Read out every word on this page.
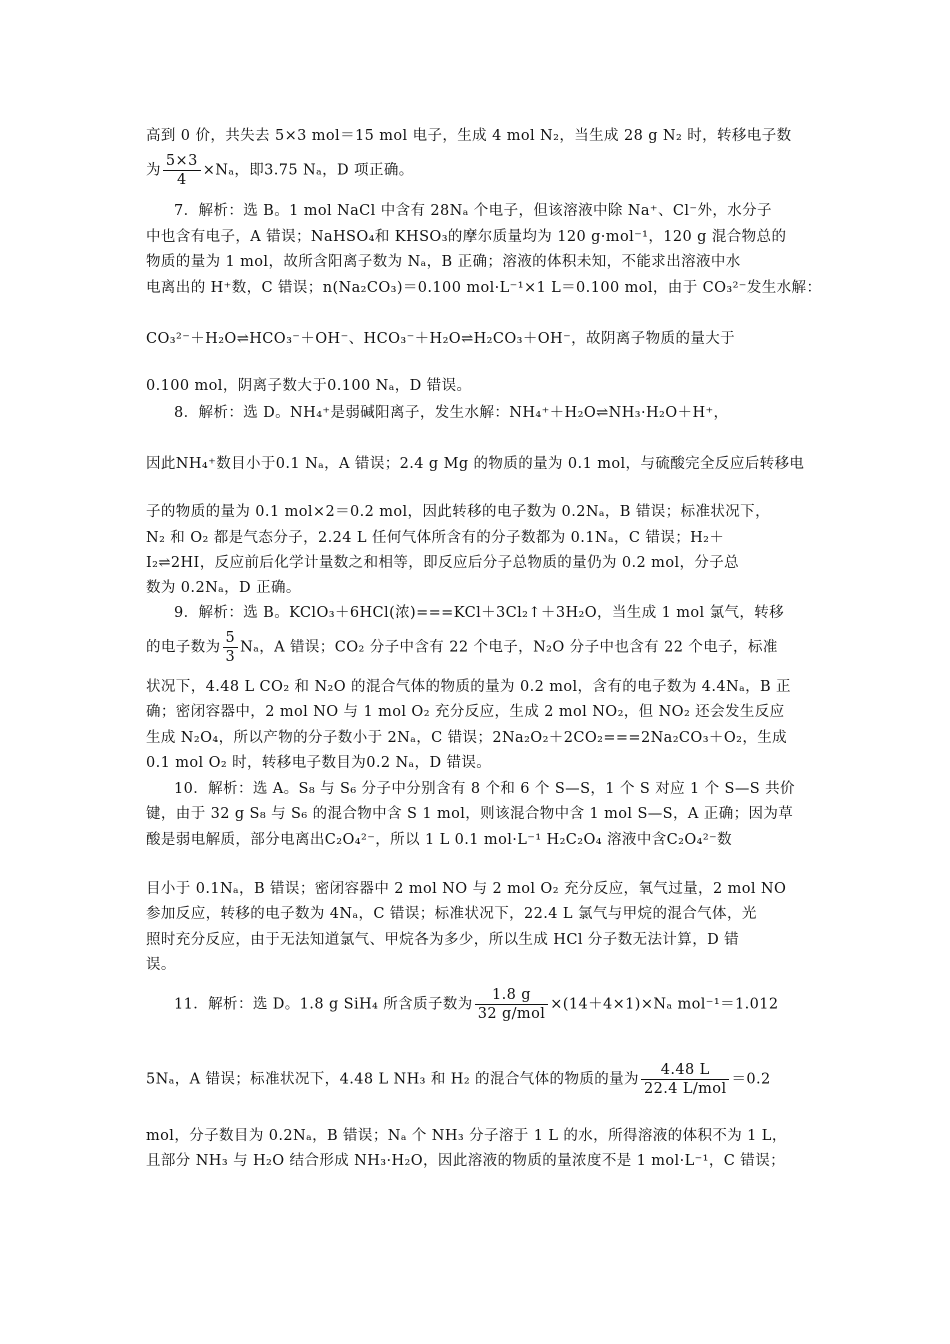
高到 0 价，共失去 5×3 mol＝15 mol 电子，生成 4 mol N₂，当生成 28 g N₂ 时，转移电子数
为 $\frac{5\times 3}{4} \times N_a$，即3.75 Nₐ，D 项正确。
7．解析：选 B。1 mol NaCl 中含有 28Nₐ 个电子，但该溶液中除 Na⁺、Cl⁻外，水分子
中也含有电子，A 错误；NaHSO₄和 KHSO₃的摩尔质量均为 120 g·mol⁻¹，120 g 混合物总的
物质的量为 1 mol，故所含阳离子数为 Nₐ，B 正确；溶液的体积未知，不能求出溶液中水
电离出的 H⁺数，C 错误；n(Na₂CO₃)＝0.100 mol·L⁻¹×1 L＝0.100 mol，由于 CO₃²⁻发生水解：
CO₃²⁻＋H₂O⇌HCO₃⁻＋OH⁻、HCO₃⁻＋H₂O⇌H₂CO₃＋OH⁻，故阴离子物质的量大于
0.100 mol，阴离子数大于0.100 Nₐ，D 错误。
8．解析：选 D。NH₄⁺是弱碱阳离子，发生水解：NH₄⁺＋H₂O⇌NH₃·H₂O＋H⁺，
因此NH₄⁺数目小于0.1 Nₐ，A 错误；2.4 g Mg 的物质的量为 0.1 mol，与硫酸完全反应后转移电
子的物质的量为 0.1 mol×2＝0.2 mol，因此转移的电子数为 0.2Nₐ，B 错误；标准状况下，
N₂ 和 O₂ 都是气态分子，2.24 L 任何气体所含有的分子数都为 0.1Nₐ，C 错误；H₂＋
I₂⇌2HI，反应前后化学计量数之和相等，即反应后分子总物质的量仍为 0.2 mol，分子总
数为 0.2Nₐ，D 正确。
9．解析：选 B。KClO₃＋6HCl(浓)===KCl＋3Cl₂↑＋3H₂O，当生成 1 mol 氯气，转移
的电子数为 $\frac{5}{3}$ Nₐ，A 错误；CO₂ 分子中含有 22 个电子，N₂O 分子中也含有 22 个电子，标准
状况下，4.48 L CO₂ 和 N₂O 的混合气体的物质的量为 0.2 mol，含有的电子数为 4.4Nₐ，B 正
确；密闭容器中，2 mol NO 与 1 mol O₂ 充分反应，生成 2 mol NO₂，但 NO₂ 还会发生反应
生成 N₂O₄，所以产物的分子数小于 2Nₐ，C 错误；2Na₂O₂＋2CO₂===2Na₂CO₃＋O₂，生成
0.1 mol O₂ 时，转移电子数目为0.2 Nₐ，D 错误。
10．解析：选 A。S₈ 与 S₆ 分子中分别含有 8 个和 6 个 S—S，1 个 S 对应 1 个 S—S 共价
键，由于 32 g S₈ 与 S₆ 的混合物中含 S 1 mol，则该混合物中含 1 mol S—S，A 正确；因为草
酸是弱电解质，部分电离出C₂O₄²⁻，所以 1 L 0.1 mol·L⁻¹ H₂C₂O₄ 溶液中含C₂O₄²⁻数
目小于 0.1Nₐ，B 错误；密闭容器中 2 mol NO 与 2 mol O₂ 充分反应，氧气过量，2 mol NO
参加反应，转移的电子数为 4Nₐ，C 错误；标准状况下，22.4 L 氯气与甲烷的混合气体，光
照时充分反应，由于无法知道氯气、甲烷各为多少，所以生成 HCl 分子数无法计算，D 错
误。
11．解析：选 D。1.8 g SiH₄ 所含质子数为 $\frac{1.8 g}{\text{32 g/mol}} \times(14+4\times 1)\times N_a$ mol⁻¹＝1.012
5Nₐ，A 错误；标准状况下，4.48 L NH₃ 和 H₂ 的混合气体的物质的量为 $\frac{4.48 L}{\text{22.4 L/mol}} =0.2$
mol，分子数目为 0.2Nₐ，B 错误；Nₐ 个 NH₃ 分子溶于 1 L 的水，所得溶液的体积不为 1 L，
且部分 NH₃ 与 H₂O 结合形成 NH₃·H₂O，因此溶液的物质的量浓度不是 1 mol·L⁻¹，C 错误；
